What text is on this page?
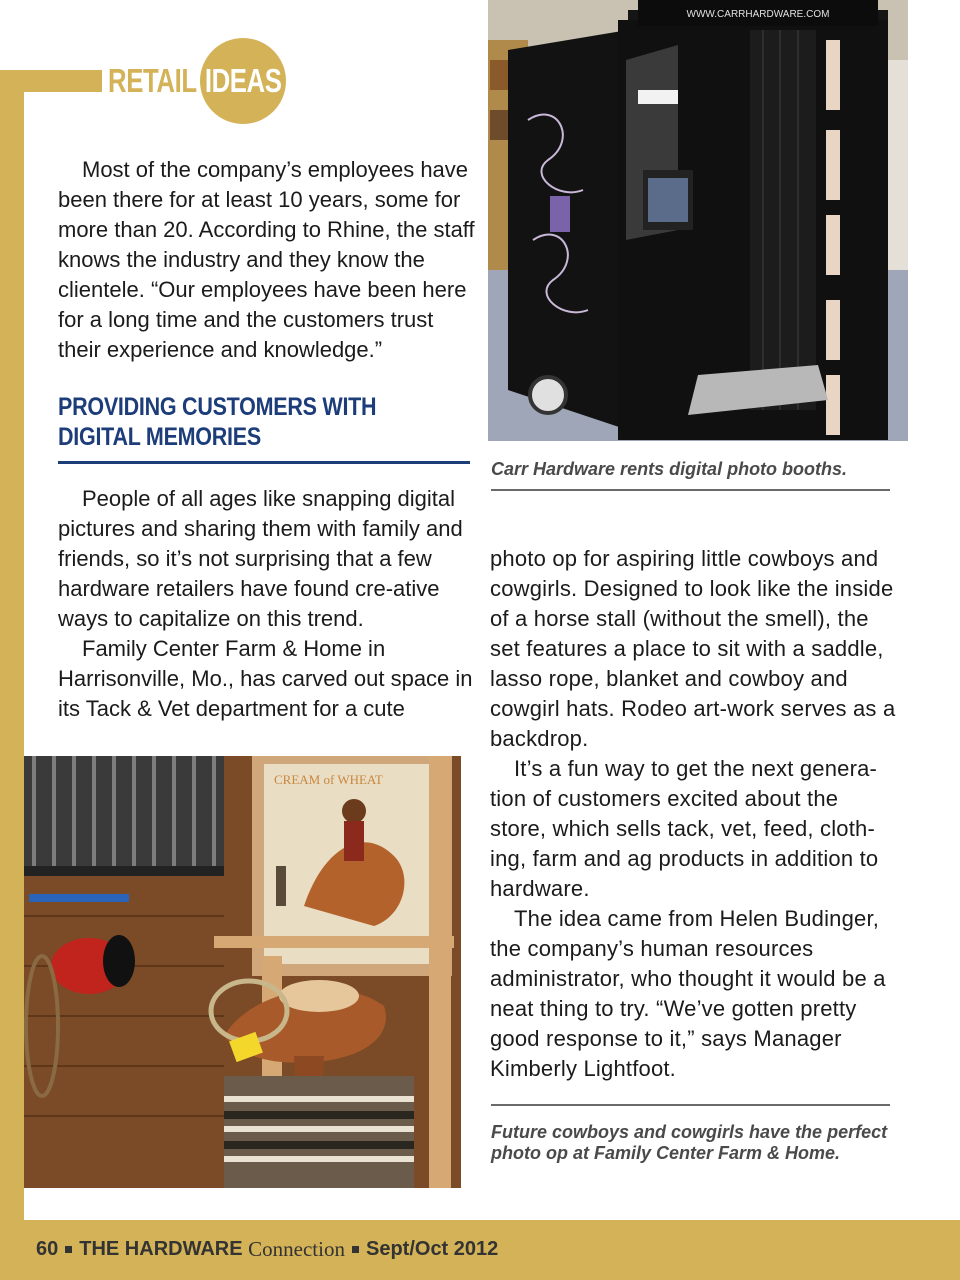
RETAIL IDEAS

Most of the company’s employees have been there for at least 10 years, some for more than 20. According to Rhine, the staff knows the industry and they know the clientele. “Our employees have been here for a long time and the customers trust their experience and knowledge.”

PROVIDING CUSTOMERS WITH
DIGITAL MEMORIES

People of all ages like snapping digital pictures and sharing them with family and friends, so it’s not surprising that a few hardware retailers have found cre-ative ways to capitalize on this trend.

Family Center Farm & Home in Harrisonville, Mo., has carved out space in its Tack & Vet department for a cute

WWW.CARRHARDWARE.COM
Carr Hardware rents digital photo booths.

photo op for aspiring little cowboys and cowgirls. Designed to look like the inside of a horse stall (without the smell), the set features a place to sit with a saddle, lasso rope, blanket and cowboy and cowgirl hats. Rodeo art-work serves as a backdrop.

It’s a fun way to get the next genera-tion of customers excited about the store, which sells tack, vet, feed, cloth-ing, farm and ag products in addition to hardware.

The idea came from Helen Budinger, the company’s human resources administrator, who thought it would be a neat thing to try. “We’ve gotten pretty good response to it,” says Manager Kimberly Lightfoot.

Future cowboys and cowgirls have the perfect photo op at Family Center Farm & Home.
CREAM of WHEAT
60 THE HARDWARE
Connection Sept/Oct 2012
